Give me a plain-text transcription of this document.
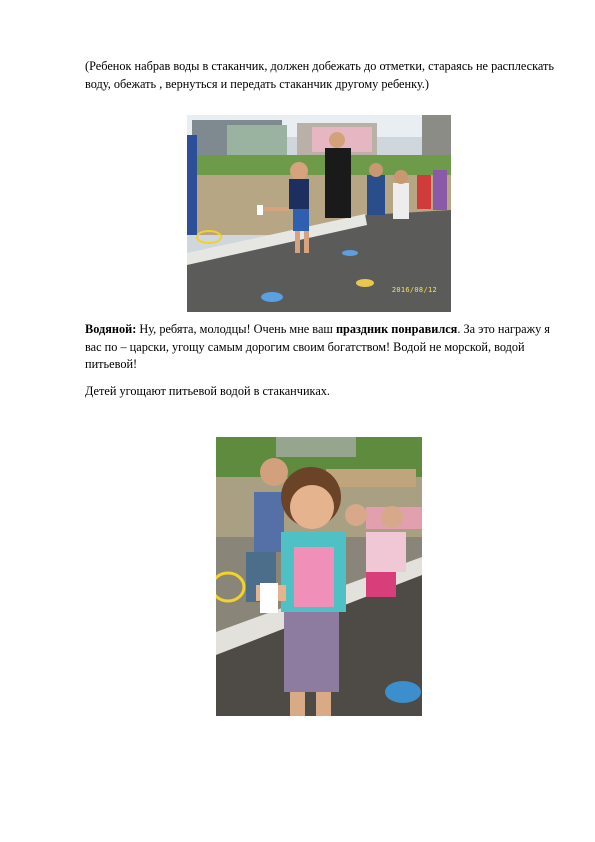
(Ребенок набрав воды в стаканчик, должен добежать до отметки, стараясь не расплескать воду, обежать , вернуться и передать стаканчик другому ребенку.)

2016/08/12

Водяной: Ну, ребята, молодцы! Очень мне ваш праздник понравился. За это награжу я вас по – царски, угощу самым дорогим своим богатством! Водой не морской, водой питьевой!

Детей угощают питьевой водой в стаканчиках.
